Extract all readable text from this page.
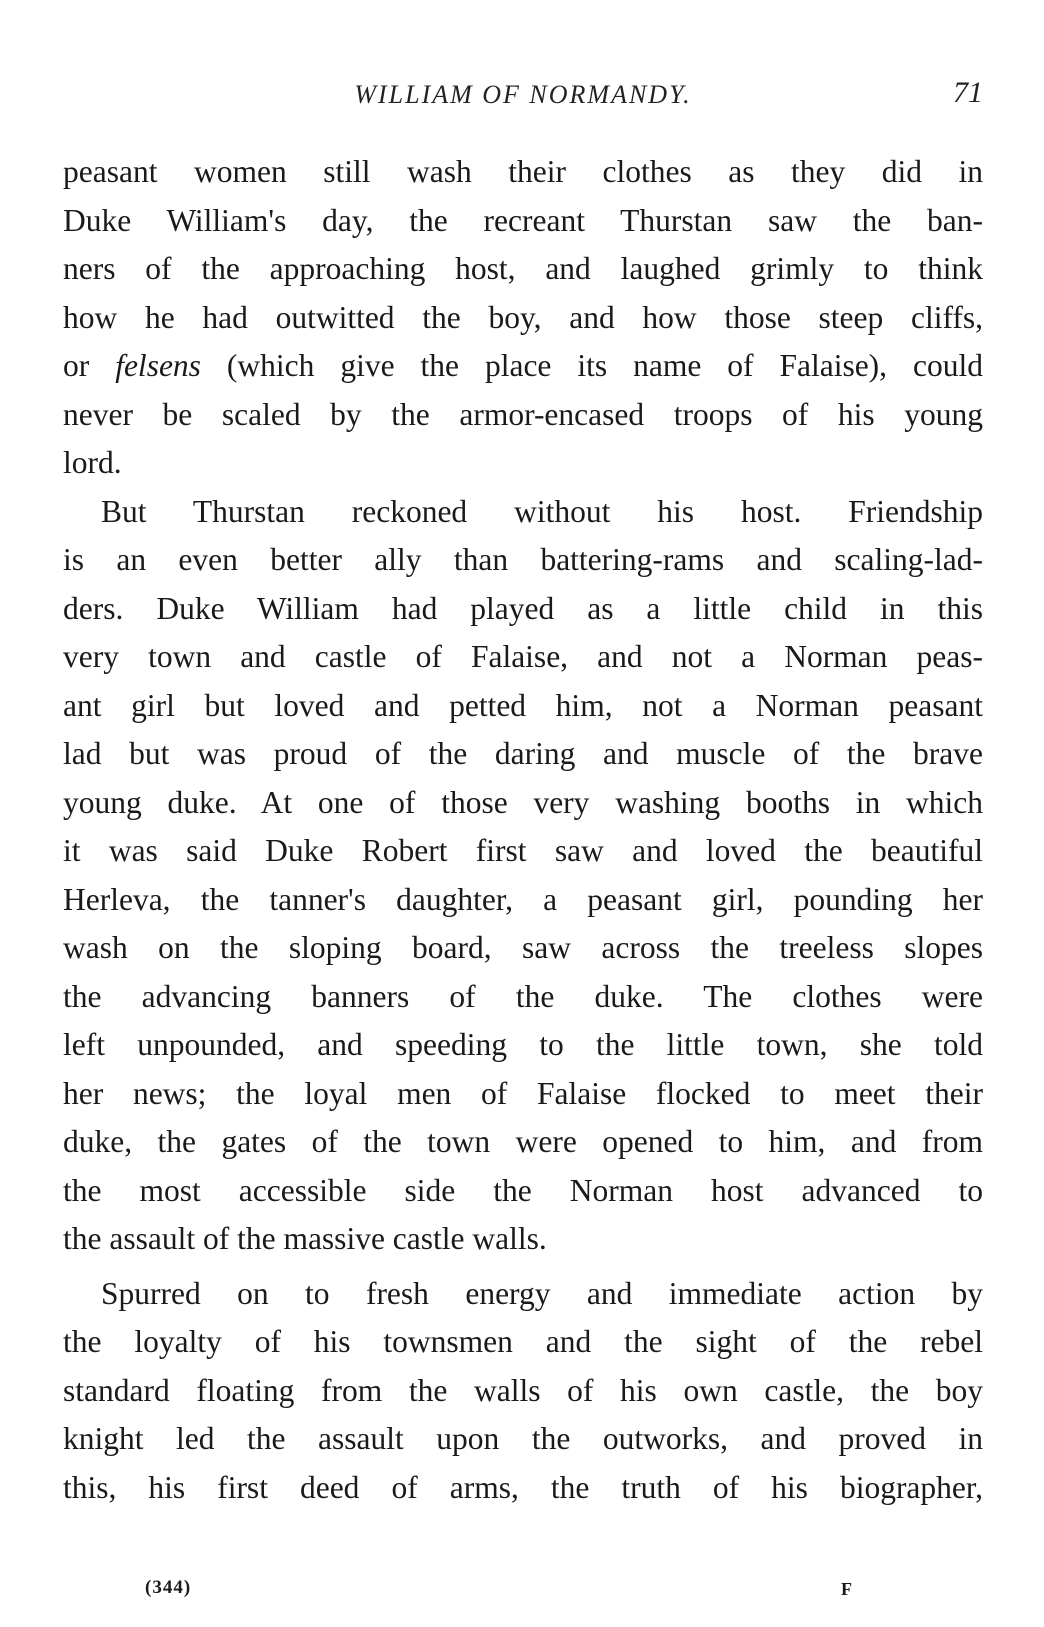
WILLIAM OF NORMANDY.	71

peasant women still wash their clothes as they did in

Duke William's day, the recreant Thurstan saw the ban-

ners of the approaching host, and laughed grimly to think

how he had outwitted the boy, and how those steep cliffs,

or felsens (which give the place its name of Falaise), could

never be scaled by the armor-encased troops of his young

lord.

But Thurstan reckoned without his host. Friendship

is an even better ally than battering-rams and scaling-lad-

ders. Duke William had played as a little child in this

very town and castle of Falaise, and not a Norman peas-

ant girl but loved and petted him, not a Norman peasant

lad but was proud of the daring and muscle of the brave

young duke. At one of those very washing booths in which

it was said Duke Robert first saw and loved the beautiful

Herleva, the tanner's daughter, a peasant girl, pounding her

wash on the sloping board, saw across the treeless slopes

the advancing banners of the duke. The clothes were

left unpounded, and speeding to the little town, she told

her news; the loyal men of Falaise flocked to meet their

duke, the gates of the town were opened to him, and from

the most accessible side the Norman host advanced to

the assault of the massive castle walls.

Spurred on to fresh energy and immediate action by

the loyalty of his townsmen and the sight of the rebel

standard floating from the walls of his own castle, the boy

knight led the assault upon the outworks, and proved in

this, his first deed of arms, the truth of his biographer,

(344)	F
